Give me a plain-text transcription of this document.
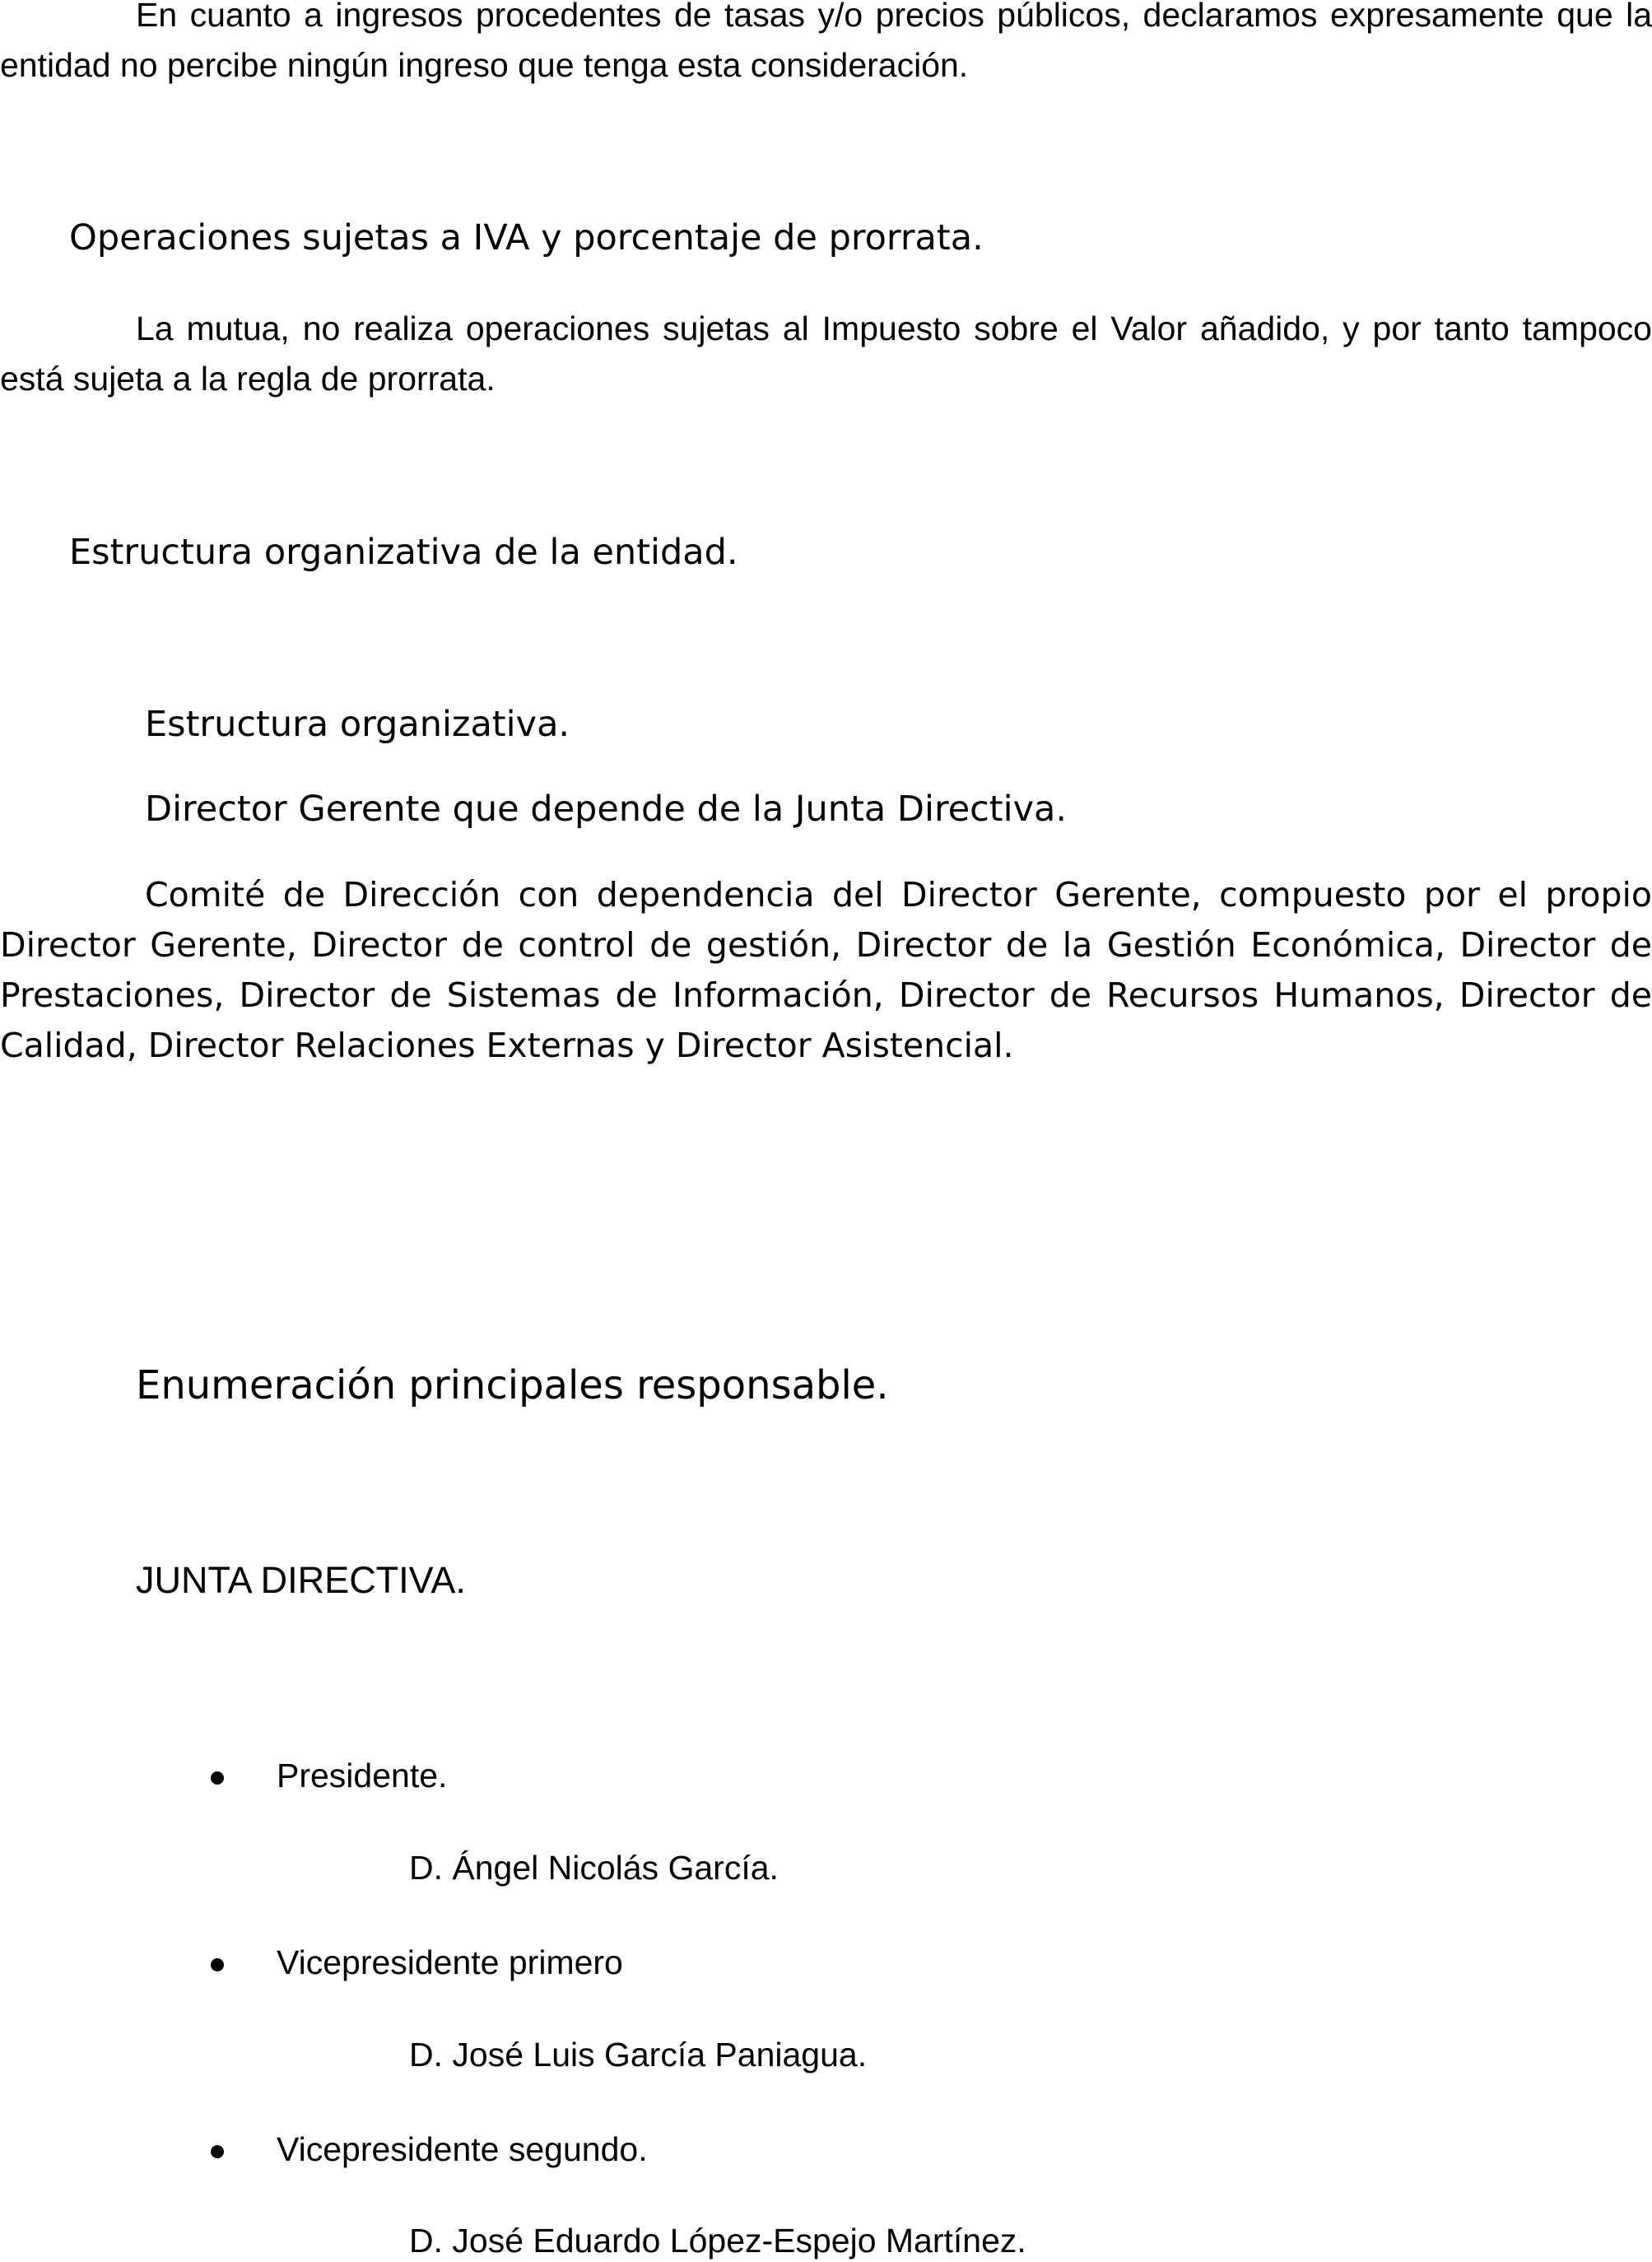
En cuanto a ingresos procedentes de tasas y/o precios públicos, declaramos expresamente que la entidad no percibe ningún ingreso que tenga esta consideración.

Operaciones sujetas a IVA y porcentaje de prorrata.

La mutua, no realiza operaciones sujetas al Impuesto sobre el Valor añadido, y por tanto tampoco está sujeta a la regla de prorrata.

Estructura organizativa de la entidad.
Estructura organizativa.
Director Gerente que depende de la Junta Directiva.

Comité de Dirección con dependencia del Director Gerente, compuesto por el propio Director Gerente, Director de control de gestión, Director de la Gestión Económica, Director de Prestaciones, Director de Sistemas de Información, Director de Recursos Humanos, Director de Calidad, Director Relaciones Externas y Director Asistencial.

Enumeración principales responsable.
JUNTA DIRECTIVA.
Presidente.
D. Ángel Nicolás García.
Vicepresidente primero
D. José Luis García Paniagua.
Vicepresidente segundo.
D. José Eduardo López-Espejo Martínez.
